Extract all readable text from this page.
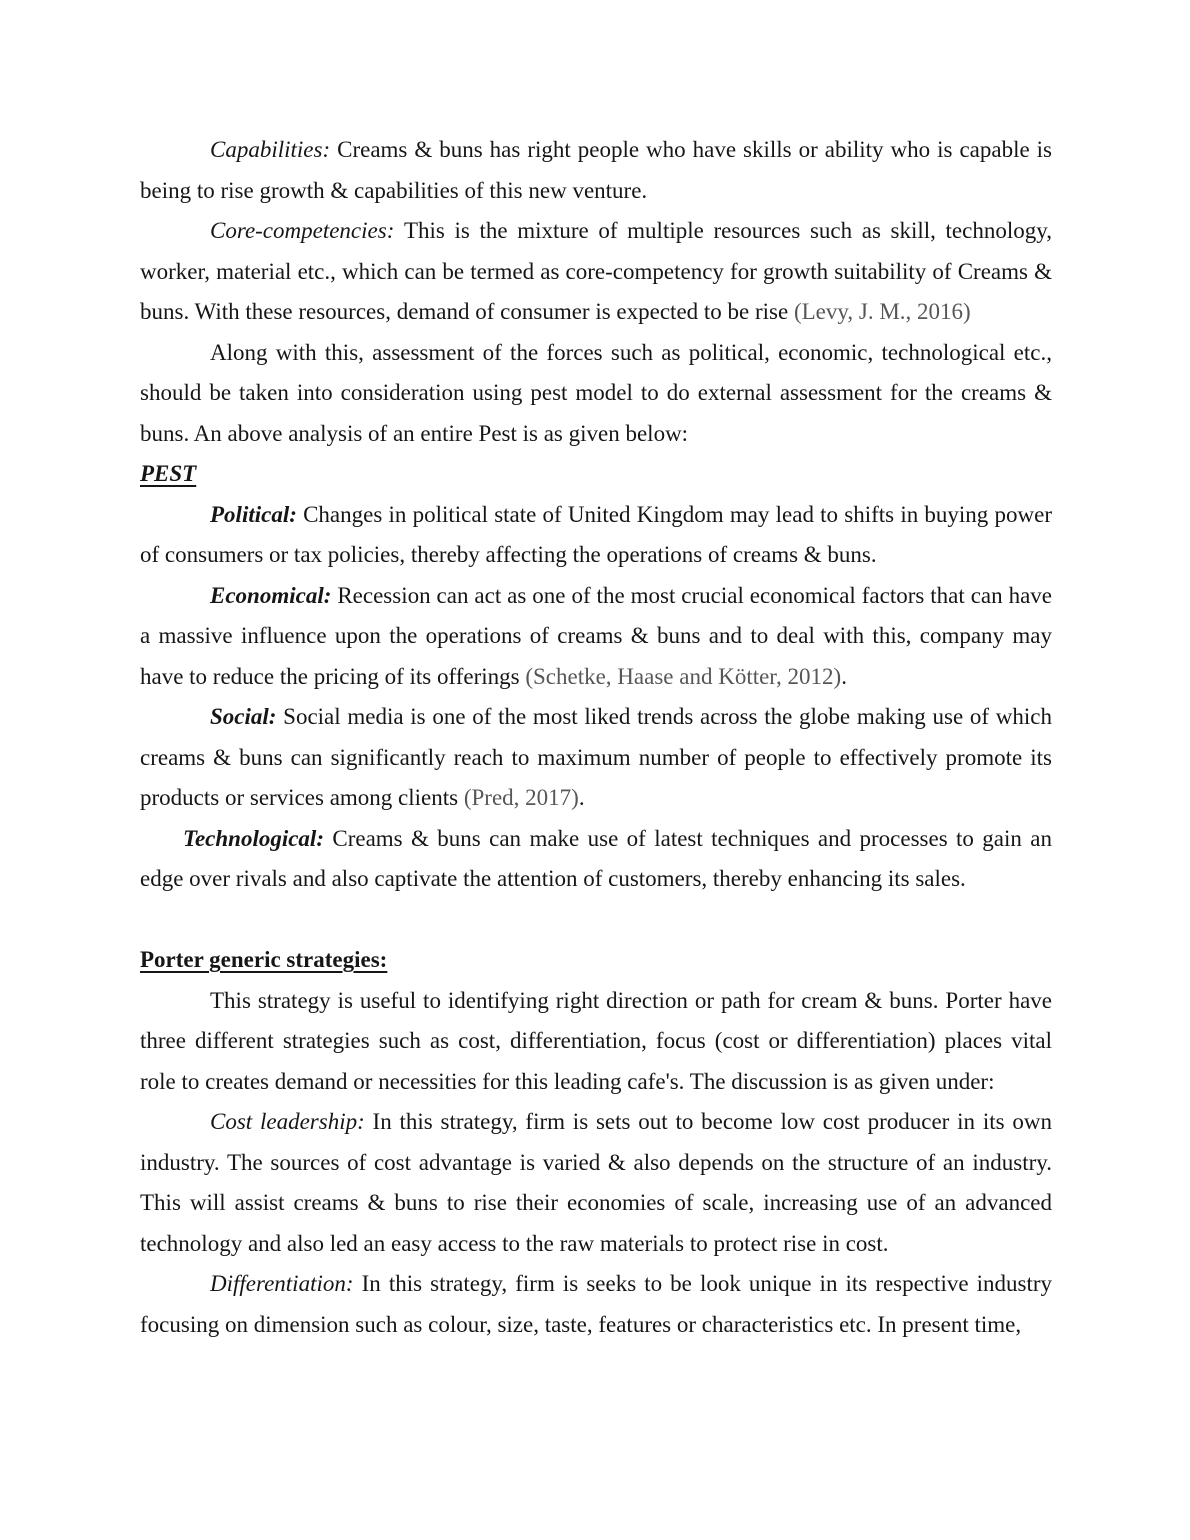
Capabilities: Creams & buns has right people who have skills or ability who is capable is being to rise growth & capabilities of this new venture.

Core-competencies: This is the mixture of multiple resources such as skill, technology, worker, material etc., which can be termed as core-competency for growth suitability of Creams & buns. With these resources, demand of consumer is expected to be rise (Levy, J. M., 2016)

Along with this, assessment of the forces such as political, economic, technological etc., should be taken into consideration using pest model to do external assessment for the creams & buns. An above analysis of an entire Pest is as given below:

PEST

Political: Changes in political state of United Kingdom may lead to shifts in buying power of consumers or tax policies, thereby affecting the operations of creams & buns.

Economical: Recession can act as one of the most crucial economical factors that can have a massive influence upon the operations of creams & buns and to deal with this, company may have to reduce the pricing of its offerings (Schetke, Haase and Kötter, 2012).

Social: Social media is one of the most liked trends across the globe making use of which creams & buns can significantly reach to maximum number of people to effectively promote its products or services among clients (Pred, 2017).

Technological: Creams & buns can make use of latest techniques and processes to gain an edge over rivals and also captivate the attention of customers, thereby enhancing its sales.

Porter generic strategies:

This strategy is useful to identifying right direction or path for cream & buns. Porter have three different strategies such as cost, differentiation, focus (cost or differentiation) places vital role to creates demand or necessities for this leading cafe's. The discussion is as given under:

Cost leadership: In this strategy, firm is sets out to become low cost producer in its own industry. The sources of cost advantage is varied & also depends on the structure of an industry. This will assist creams & buns to rise their economies of scale, increasing use of an advanced technology and also led an easy access to the raw materials to protect rise in cost.

Differentiation: In this strategy, firm is seeks to be look unique in its respective industry focusing on dimension such as colour, size, taste, features or characteristics etc. In present time,
